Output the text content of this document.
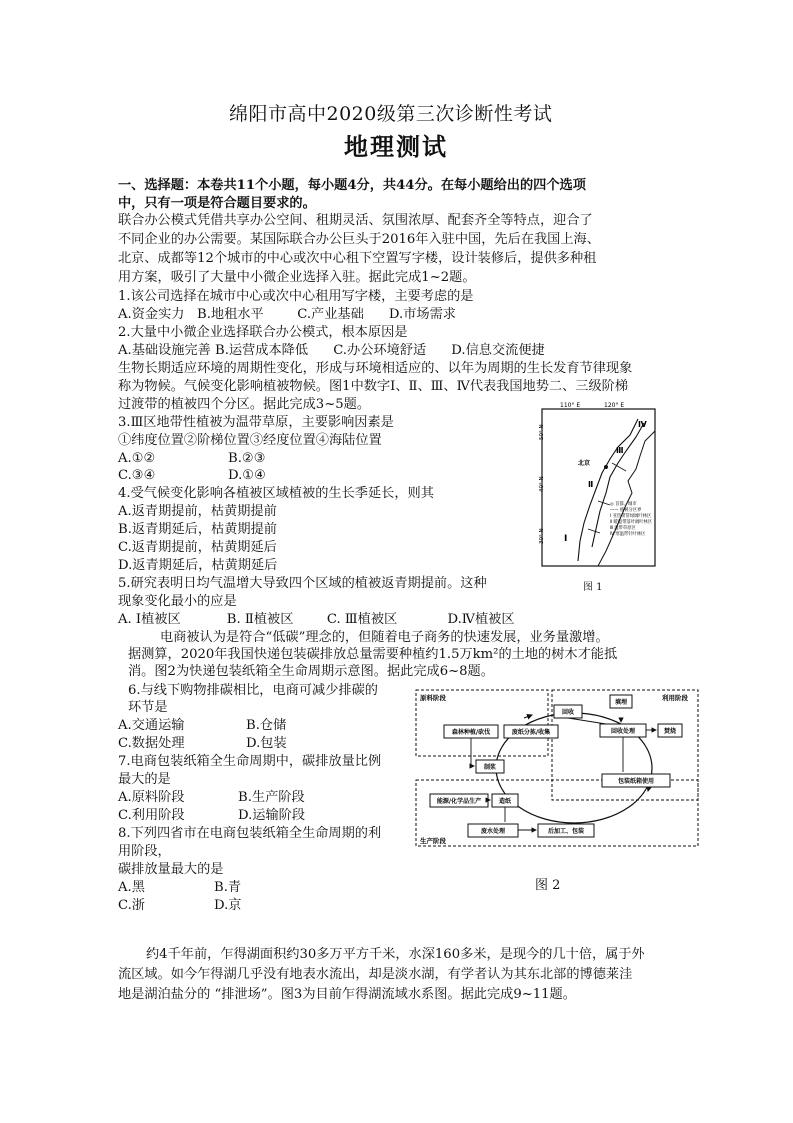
绵阳市高中2020级第三次诊断性考试
地理测试
一、选择题：本卷共11个小题，每小题4分，共44分。在每小题给出的四个选项
中，只有一项是符合题目要求的。
联合办公模式凭借共享办公空间、租期灵活、氛围浓厚、配套齐全等特点，迎合了
不同企业的办公需要。某国际联合办公巨头于2016年入驻中国，先后在我国上海、
北京、成都等12个城市的中心或次中心租下空置写字楼，设计装修后，提供多种租
用方案，吸引了大量中小微企业选择入驻。据此完成1~2题。
1.该公司选择在城市中心或次中心租用写字楼，主要考虑的是
A.资金实力   B.地租水平        C.产业基础      D.市场需求
2.大量中小微企业选择联合办公模式，根本原因是
A.基础设施完善 B.运营成本降低      C.办公环境舒适      D.信息交流便捷
生物长期适应环境的周期性变化，形成与环境相适应的、以年为周期的生长发育节律现象
称为物候。气候变化影响植被物候。图1中数字Ⅰ、Ⅱ、Ⅲ、Ⅳ代表我国地势二、三级阶梯
过渡带的植被四个分区。据此完成3~5题。
3.Ⅲ区地带性植被为温带草原，主要影响因素是
①纬度位置②阶梯位置③经度位置④海陆位置
A.①②	B.②③
C.③④	D.①④
4.受气候变化影响各植被区域植被的生长季延长，则其
A.返青期提前，枯黄期提前
B.返青期延后，枯黄期提前
C.返青期提前，枯黄期延后
D.返青期延后，枯黄期延后
5.研究表明日均气温增大导致四个区域的植被返青期提前。这种
现象变化最小的应是
A. Ⅰ植被区           B. Ⅱ植被区        C. Ⅲ植被区            D.Ⅳ植被区
110° E	120° E
50° N
40° N
30° N
北京
Ⅰ
Ⅱ
Ⅲ
Ⅳ
◎ 首都、城市
—— 植被分区界
Ⅰ 亚热带常绿阔叶林区
Ⅱ 暖温带落叶阔叶林区
Ⅲ 温带草原区
Ⅳ 寒温带针叶林区
图 1
电商被认为是符合“低碳”理念的，但随着电子商务的快速发展，业务量激增。
据测算，2020年我国快递包装碳排放总量需要种植约1.5万km²的土地的树木才能抵
消。图2为快递包装纸箱全生命周期示意图。据此完成6~8题。
6.与线下购物排碳相比，电商可减少排碳的
环节是
A.交通运输	B.仓储
C.数据处理	D.包装
7.电商包装纸箱全生命周期中，碳排放量比例
最大的是
A.原料阶段	B.生产阶段
C.利用阶段	D.运输阶段
8.下列四省市在电商包装纸箱全生命周期的利
用阶段，
碳排放量最大的是
A.黑	B.青
C.浙	D.京
原料阶段	利用阶段
生产阶段
回收
填埋
森林种植/砍伐	废纸分拣/收集	回收处理	焚烧
制浆
包装纸箱使用
能源/化学品生产	造纸
废水处理	后加工、包装
图 2
约4千年前，乍得湖面积约30多万平方千米，水深160多米，是现今的几十倍，属于外
流区域。如今乍得湖几乎没有地表水流出，却是淡水湖，有学者认为其东北部的博德莱洼
地是湖泊盐分的 “排泄场”。图3为目前乍得湖流域水系图。据此完成9~11题。
